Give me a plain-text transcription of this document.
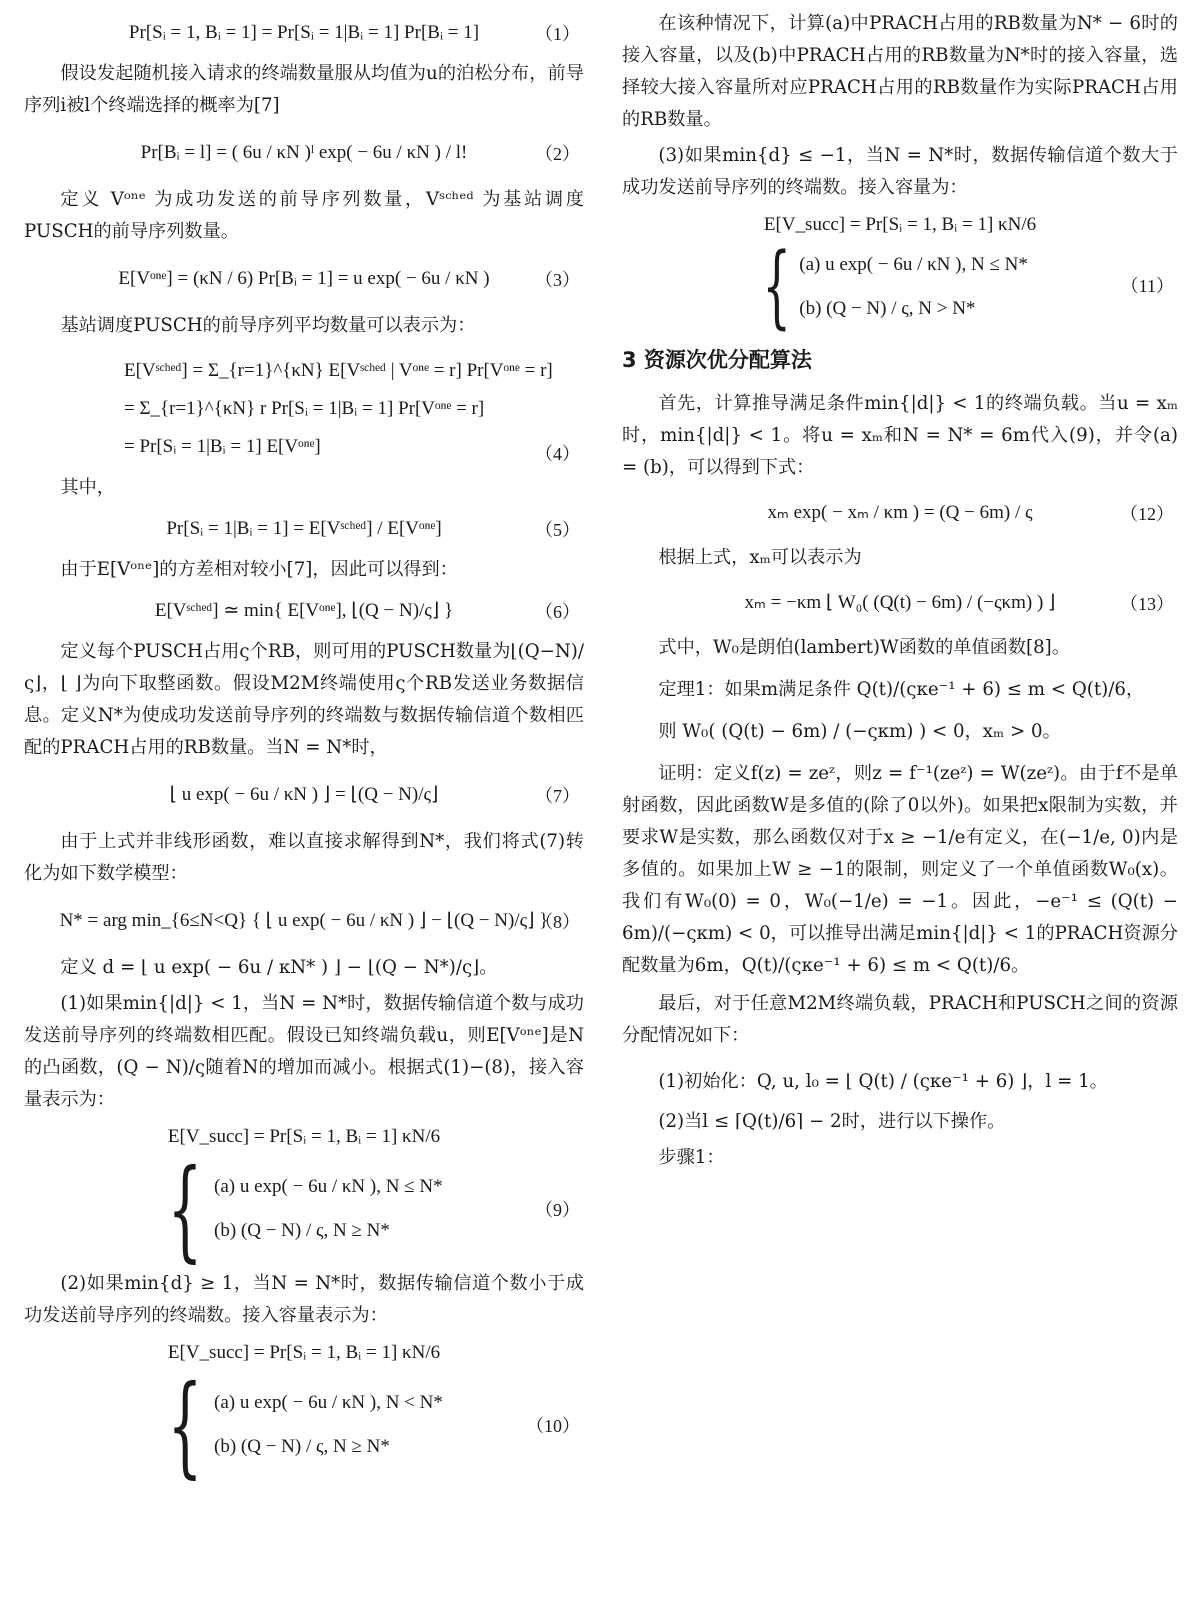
Pr[Sᵢ = 1, Bᵢ = 1] = Pr[Sᵢ = 1|Bᵢ = 1] Pr[Bᵢ = 1]	（1）

假设发起随机接入请求的终端数量服从均值为u的泊松分布，前导序列i被l个终端选择的概率为[7]

Pr[Bᵢ = l] = ( 6u / κN )ˡ exp( − 6u / κN ) / l!	（2）

定义 Vᵒⁿᵉ 为成功发送的前导序列数量，Vˢᶜʰᵉᵈ 为基站调度PUSCH的前导序列数量。

E[Vᵒⁿᵉ] = (κN / 6) Pr[Bᵢ = 1] = u exp( − 6u / κN )	（3）

基站调度PUSCH的前导序列平均数量可以表示为：

E[Vˢᶜʰᵉᵈ] = Σ_{r=1}^{κN} E[Vˢᶜʰᵉᵈ | Vᵒⁿᵉ = r] Pr[Vᵒⁿᵉ = r]
= Σ_{r=1}^{κN} r Pr[Sᵢ = 1|Bᵢ = 1] Pr[Vᵒⁿᵉ = r]
= Pr[Sᵢ = 1|Bᵢ = 1] E[Vᵒⁿᵉ]	（4）

其中，

Pr[Sᵢ = 1|Bᵢ = 1] = E[Vˢᶜʰᵉᵈ] / E[Vᵒⁿᵉ]	（5）

由于E[Vᵒⁿᵉ]的方差相对较小[7]，因此可以得到：

E[Vˢᶜʰᵉᵈ] ≃ min{ E[Vᵒⁿᵉ], ⌊(Q − N)/ς⌋ }	（6）

定义每个PUSCH占用ς个RB，则可用的PUSCH数量为⌊(Q−N)/ς⌋，⌊ ⌋为向下取整函数。假设M2M终端使用ς个RB发送业务数据信息。定义N*为使成功发送前导序列的终端数与数据传输信道个数相匹配的PRACH占用的RB数量。当N = N*时，

⌊ u exp( − 6u / κN ) ⌋ = ⌊(Q − N)/ς⌋	（7）

由于上式并非线形函数，难以直接求解得到N*，我们将式(7)转化为如下数学模型：

N* = arg min_{6≤N<Q} { ⌊ u exp( − 6u / κN ) ⌋ − ⌊(Q − N)/ς⌋ }
（8）

定义 d = ⌊ u exp( − 6u / κN* ) ⌋ − ⌊(Q − N*)/ς⌋。

(1)如果min{|d|} < 1，当N = N*时，数据传输信道个数与成功发送前导序列的终端数相匹配。假设已知终端负载u，则E[Vᵒⁿᵉ]是N的凸函数，(Q − N)/ς随着N的增加而减小。根据式(1)−(8)，接入容量表示为：

E[V_succ] = Pr[Sᵢ = 1, Bᵢ = 1] κN/6
{ (a) u exp( − 6u / κN ), N ≤ N*
(b) (Q − N) / ς, N ≥ N*
（9）

(2)如果min{d} ≥ 1，当N = N*时，数据传输信道个数小于成功发送前导序列的终端数。接入容量表示为：

E[V_succ] = Pr[Sᵢ = 1, Bᵢ = 1] κN/6
{ (a) u exp( − 6u / κN ), N < N*
(b) (Q − N) / ς, N ≥ N*
（10）

在该种情况下，计算(a)中PRACH占用的RB数量为N* − 6时的接入容量，以及(b)中PRACH占用的RB数量为N*时的接入容量，选择较大接入容量所对应PRACH占用的RB数量作为实际PRACH占用的RB数量。

(3)如果min{d} ≤ −1，当N = N*时，数据传输信道个数大于成功发送前导序列的终端数。接入容量为：

E[V_succ] = Pr[Sᵢ = 1, Bᵢ = 1] κN/6
{ (a) u exp( − 6u / κN ), N ≤ N*
(b) (Q − N) / ς, N > N*
（11）
3 资源次优分配算法

首先，计算推导满足条件min{|d|} < 1的终端负载。当u = xₘ时，min{|d|} < 1。将u = xₘ和N = N* = 6m代入(9)，并令(a) = (b)，可以得到下式：

xₘ exp( − xₘ / κm ) = (Q − 6m) / ς	（12）

根据上式，xₘ可以表示为

xₘ = −κm ⌊ W₀( (Q(t) − 6m) / (−ςκm) ) ⌋	（13）

式中，W₀是朗伯(lambert)W函数的单值函数[8]。

定理1：如果m满足条件 Q(t)/(ςκe⁻¹ + 6) ≤ m < Q(t)/6，

则 W₀( (Q(t) − 6m) / (−ςκm) ) < 0，xₘ > 0。

证明：定义f(z) = zeᶻ，则z = f⁻¹(zeᶻ) = W(zeᶻ)。由于f不是单射函数，因此函数W是多值的(除了0以外)。如果把x限制为实数，并要求W是实数，那么函数仅对于x ≥ −1/e有定义，在(−1/e, 0)内是多值的。如果加上W ≥ −1的限制，则定义了一个单值函数W₀(x)。我们有W₀(0) = 0，W₀(−1/e) = −1。因此，−e⁻¹ ≤ (Q(t) − 6m)/(−ςκm) < 0，可以推导出满足min{|d|} < 1的PRACH资源分配数量为6m，Q(t)/(ςκe⁻¹ + 6) ≤ m < Q(t)/6。

最后，对于任意M2M终端负载，PRACH和PUSCH之间的资源分配情况如下：

(1)初始化：Q, u, l₀ = ⌊ Q(t) / (ςκe⁻¹ + 6) ⌋，l = 1。

(2)当l ≤ ⌈Q(t)/6⌉ − 2时，进行以下操作。

步骤1：
